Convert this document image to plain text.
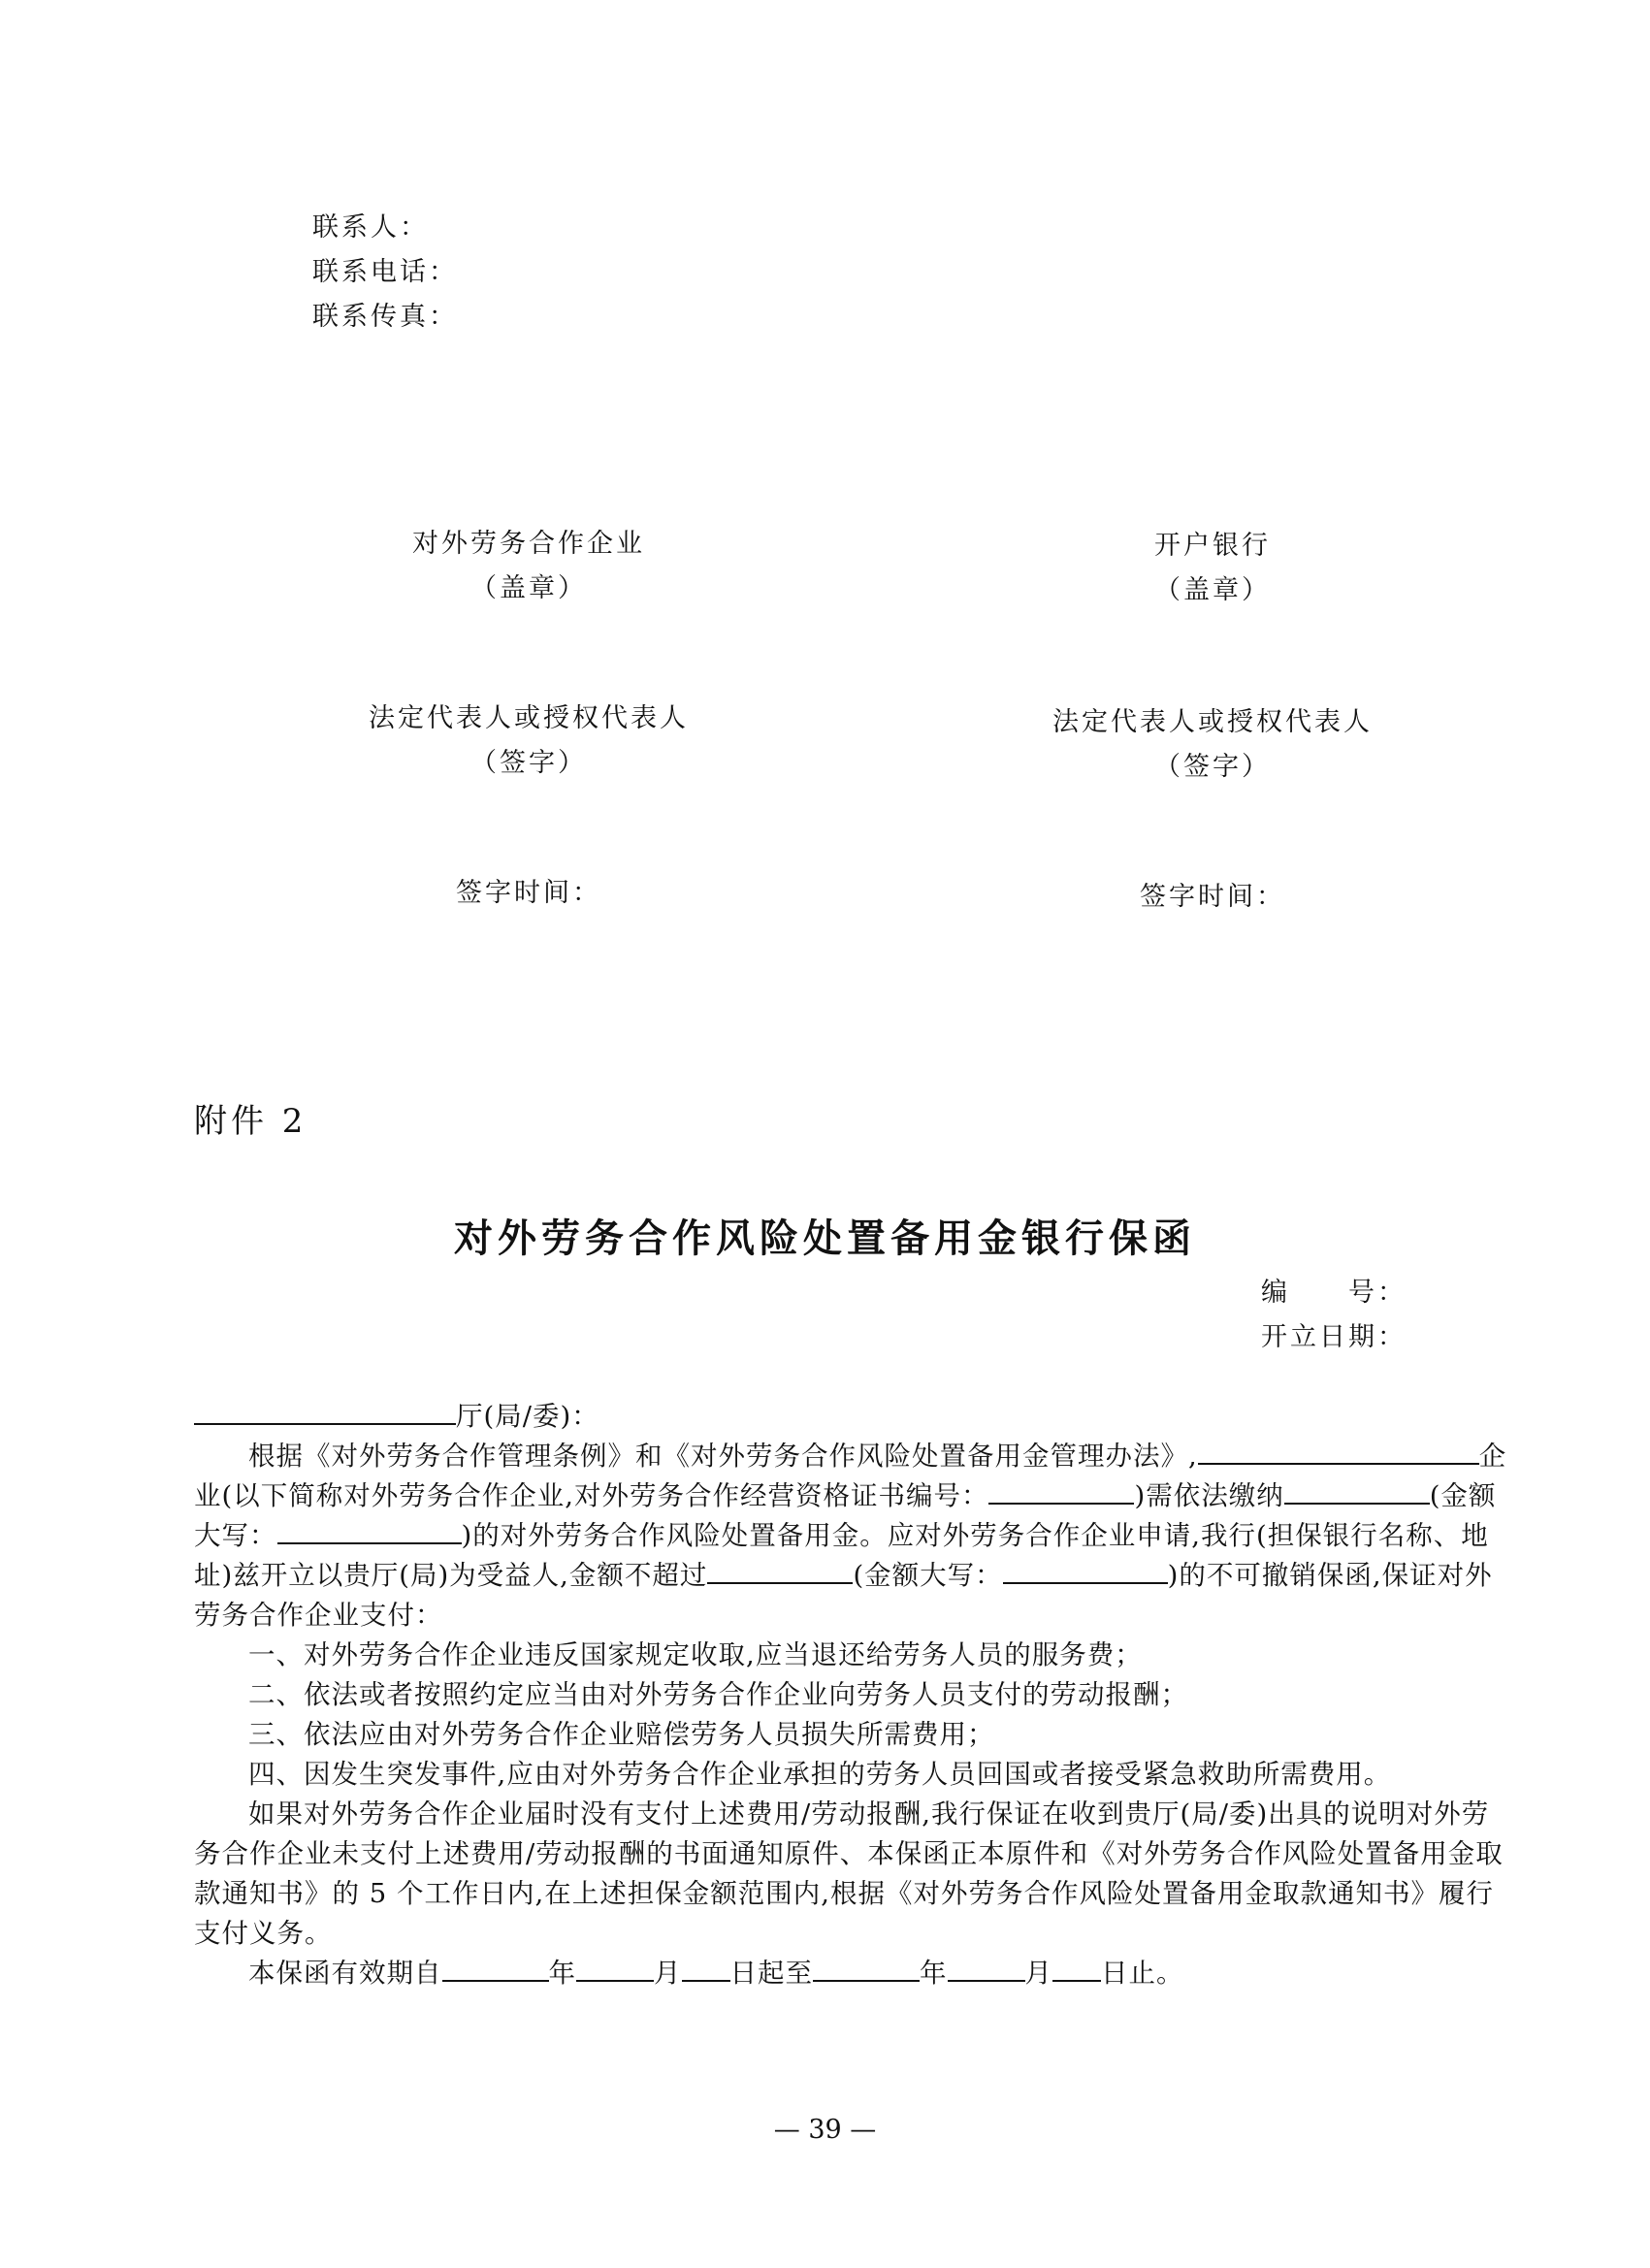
联系人：
联系电话：
联系传真：
对外劳务合作企业
（盖章）
法定代表人或授权代表人
（签字）
签字时间：
开户银行
（盖章）
法定代表人或授权代表人
（签字）
签字时间：
附件 2
对外劳务合作风险处置备用金银行保函
编　　号：
开立日期：

厅(局/委)：

根据《对外劳务合作管理条例》和《对外劳务合作风险处置备用金管理办法》,	企业(以下简称对外劳务合作企业,对外劳务合作经营资格证书编号：	)需依法缴纳	(金额大写：	)的对外劳务合作风险处置备用金。应对外劳务合作企业申请,我行(担保银行名称、地址)兹开立以贵厅(局)为受益人,金额不超过	(金额大写：	)的不可撤销保函,保证对外劳务合作企业支付：

一、对外劳务合作企业违反国家规定收取,应当退还给劳务人员的服务费；

二、依法或者按照约定应当由对外劳务合作企业向劳务人员支付的劳动报酬；

三、依法应由对外劳务合作企业赔偿劳务人员损失所需费用；

四、因发生突发事件,应由对外劳务合作企业承担的劳务人员回国或者接受紧急救助所需费用。

如果对外劳务合作企业届时没有支付上述费用/劳动报酬,我行保证在收到贵厅(局/委)出具的说明对外劳务合作企业未支付上述费用/劳动报酬的书面通知原件、本保函正本原件和《对外劳务合作风险处置备用金取款通知书》的 5 个工作日内,在上述担保金额范围内,根据《对外劳务合作风险处置备用金取款通知书》履行支付义务。

本保函有效期自	年	月 日起至	年	月 日止。

— 39 —
